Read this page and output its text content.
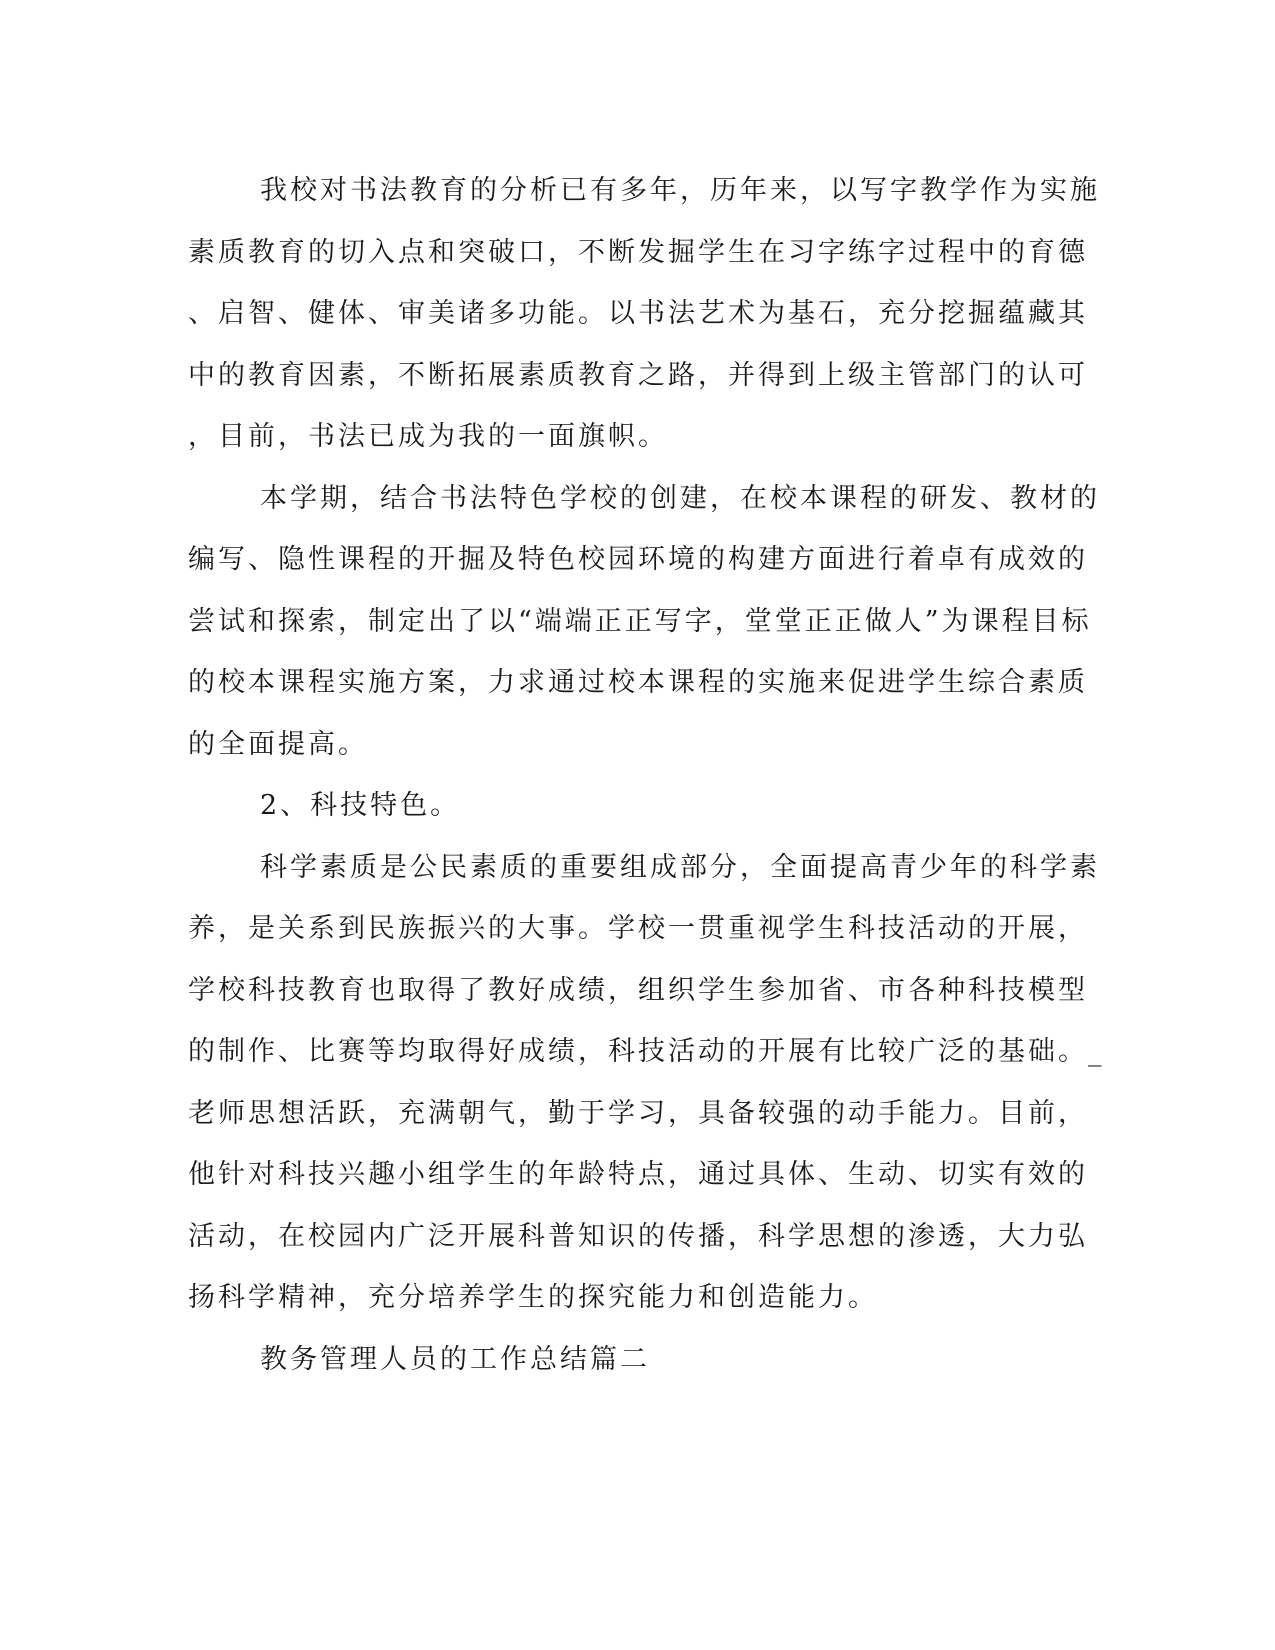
我校对书法教育的分析已有多年，历年来，以写字教学作为实施
素质教育的切入点和突破口，不断发掘学生在习字练字过程中的育德
、启智、健体、审美诸多功能。以书法艺术为基石，充分挖掘蕴藏其
中的教育因素，不断拓展素质教育之路，并得到上级主管部门的认可
，目前，书法已成为我的一面旗帜。
本学期，结合书法特色学校的创建，在校本课程的研发、教材的
编写、隐性课程的开掘及特色校园环境的构建方面进行着卓有成效的
尝试和探索，制定出了以“端端正正写字，堂堂正正做人”为课程目标
的校本课程实施方案，力求通过校本课程的实施来促进学生综合素质
的全面提高。
2、科技特色。
科学素质是公民素质的重要组成部分，全面提高青少年的科学素
养，是关系到民族振兴的大事。学校一贯重视学生科技活动的开展，
学校科技教育也取得了教好成绩，组织学生参加省、市各种科技模型
的制作、比赛等均取得好成绩，科技活动的开展有比较广泛的基础。_
老师思想活跃，充满朝气，勤于学习，具备较强的动手能力。目前，
他针对科技兴趣小组学生的年龄特点，通过具体、生动、切实有效的
活动，在校园内广泛开展科普知识的传播，科学思想的渗透，大力弘
扬科学精神，充分培养学生的探究能力和创造能力。
教务管理人员的工作总结篇二
